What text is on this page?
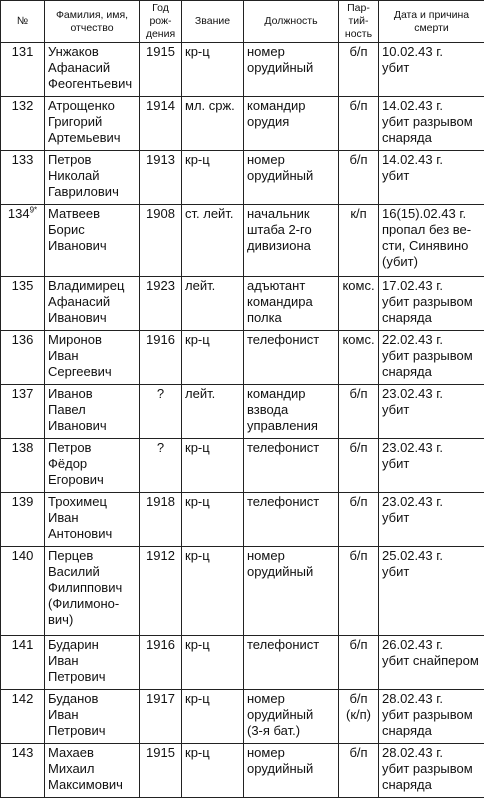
№	Фамилия, имя, отчество	Год рож-дения	Звание	Должность	Пар-тий-ность	Дата и причина смерти
131	Унжаков
Афанасий
Феогентьевич	1915	кр-ц	номер
орудийный	б/п	10.02.43 г.
убит
132	Атрощенко
Григорий
Артемьевич	1914	мл. срж.	командир
орудия	б/п	14.02.43 г.
убит разрывом
снаряда
133	Петров
Николай
Гаврилович	1913	кр-ц	номер
орудийный	б/п	14.02.43 г.
убит
134$^{9*}$	Матвеев
Борис
Иванович	1908	ст. лейт.	начальник
штаба 2-го
дивизиона	к/п	16(15).02.43 г.
пропал без ве-
сти, Синявино
(убит)
135	Владимирец
Афанасий
Иванович	1923	лейт.	адъютант
командира
полка	комс.	17.02.43 г.
убит разрывом
снаряда
136	Миронов
Иван
Сергеевич	1916	кр-ц	телефонист	комс.	22.02.43 г.
убит разрывом
снаряда
137	Иванов
Павел
Иванович	?	лейт.	командир
взвода
управления	б/п	23.02.43 г.
убит
138	Петров
Фёдор
Егорович	?	кр-ц	телефонист	б/п	23.02.43 г.
убит
139	Трохимец
Иван
Антонович	1918	кр-ц	телефонист	б/п	23.02.43 г.
убит
140	Перцев
Василий
Филиппович
(Филимоно-
вич)	1912	кр-ц	номер
орудийный	б/п	25.02.43 г.
убит
141	Бударин
Иван
Петрович	1916	кр-ц	телефонист	б/п	26.02.43 г.
убит снайпером
142	Буданов
Иван
Петрович	1917	кр-ц	номер
орудийный
(3-я бат.)	б/п
(к/п)	28.02.43 г.
убит разрывом
снаряда
143	Махаев
Михаил
Максимович	1915	кр-ц	номер
орудийный	б/п	28.02.43 г.
убит разрывом
снаряда
